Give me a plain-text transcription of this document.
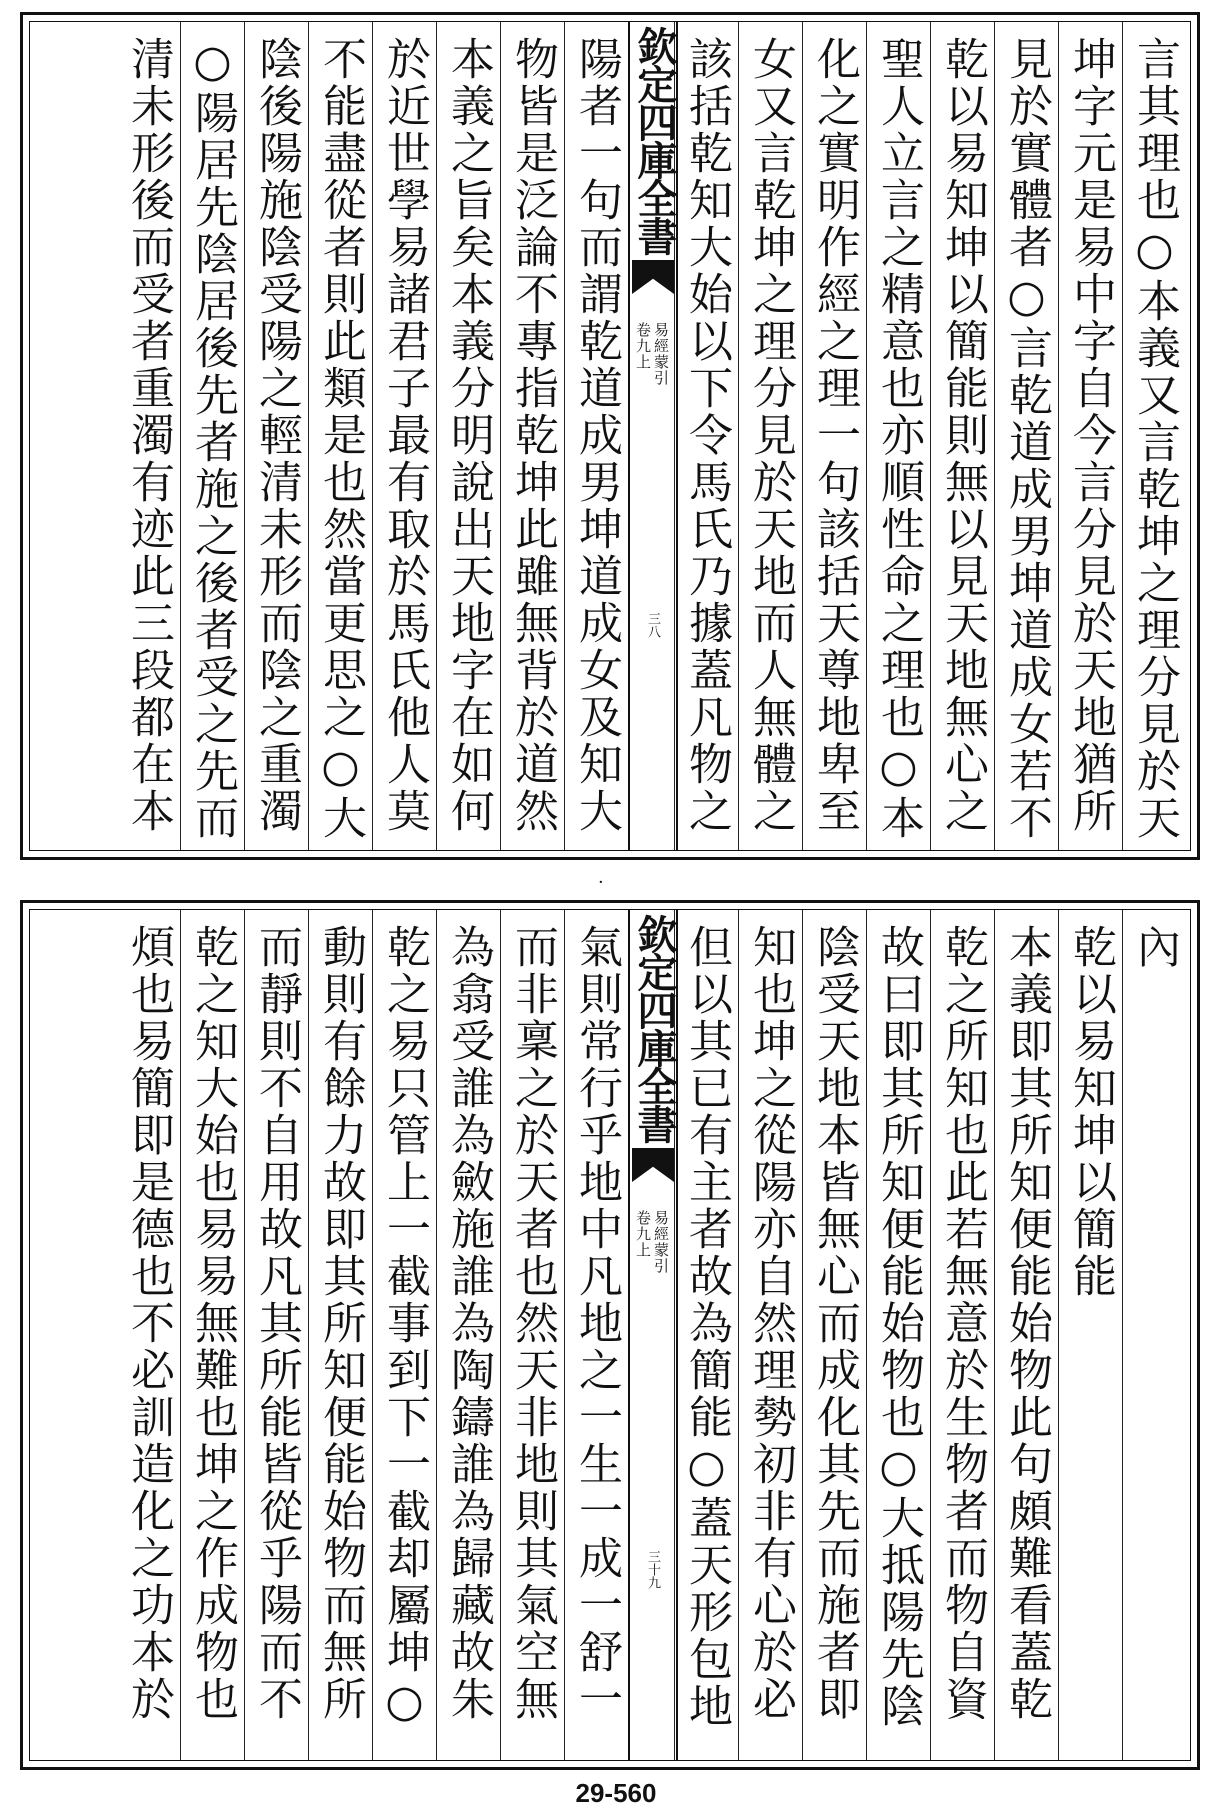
言其理也○本義又言乾坤之理分見於天
坤字元是易中字自今言分見於天地猶所
見於實體者○言乾道成男坤道成女若不
乾以易知坤以簡能則無以見天地無心之
聖人立言之精意也亦順性命之理也○本
化之實明作經之理一句該括天尊地卑至
女又言乾坤之理分見於天地而人無體之
該括乾知大始以下令馬氏乃據蓋凡物之
陽者一句而謂乾道成男坤道成女及知大
物皆是泛論不專指乾坤此雖無背於道然
本義之旨矣本義分明說出天地字在如何
於近世學易諸君子最有取於馬氏他人莫
不能盡從者則此類是也然當更思之○大
陰後陽施陰受陽之輕清未形而陰之重濁
○陽居先陰居後先者施之後者受之先而
清未形後而受者重濁有迹此三段都在本
欽定四庫全書
易經蒙引
卷九上
三八
內
乾以易知坤以簡能
本義即其所知便能始物此句頗難看蓋乾
乾之所知也此若無意於生物者而物自資
故曰即其所知便能始物也○大抵陽先陰
陰受天地本皆無心而成化其先而施者即
知也坤之從陽亦自然理勢初非有心於必
但以其已有主者故為簡能○蓋天形包地
氣則常行乎地中凡地之一生一成一舒一
而非稟之於天者也然天非地則其氣空無
為翕受誰為斂施誰為陶鑄誰為歸藏故朱
乾之易只管上一截事到下一截却屬坤○
動則有餘力故即其所知便能始物而無所
而靜則不自用故凡其所能皆從乎陽而不
乾之知大始也易易無難也坤之作成物也
煩也易簡即是德也不必訓造化之功本於
欽定四庫全書
易經蒙引
卷九上
三十九
·
29-560
